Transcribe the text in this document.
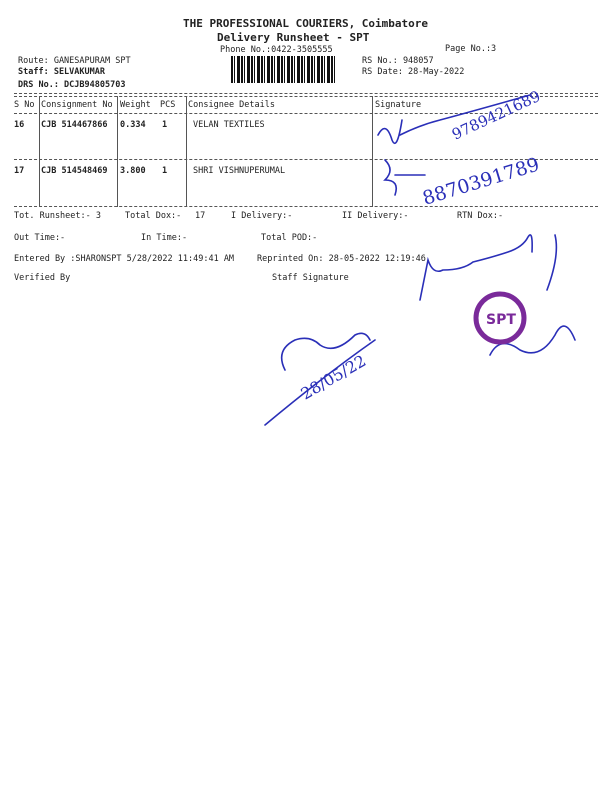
THE PROFESSIONAL COURIERS, Coimbatore
Delivery Runsheet - SPT
Phone No.:0422-3505555	Page No.:3
Route: GANESAPURAM SPT
Staff: SELVAKUMAR
DRS No.: DCJB94805703
RS No.: 948057
RS Date: 28-May-2022
S No Consignment No Weight PCS Consignee Details	Signature
16 CJB 514467866 0.334 1	VELAN TEXTILES
17 CJB 514548469 3.800 1	SHRI VISHNUPERUMAL
Tot. Runsheet:- 3	Total Dox:- 17	I Delivery:-	II Delivery:-	RTN Dox:-
Out Time:-	In Time:-	Total POD:-
Entered By :SHARONSPT 5/28/2022 11:49:41 AM	Reprinted On: 28-05-2022 12:19:46
Verified By	Staff Signature
9789421689
8870391789
28/05/22
SPT
